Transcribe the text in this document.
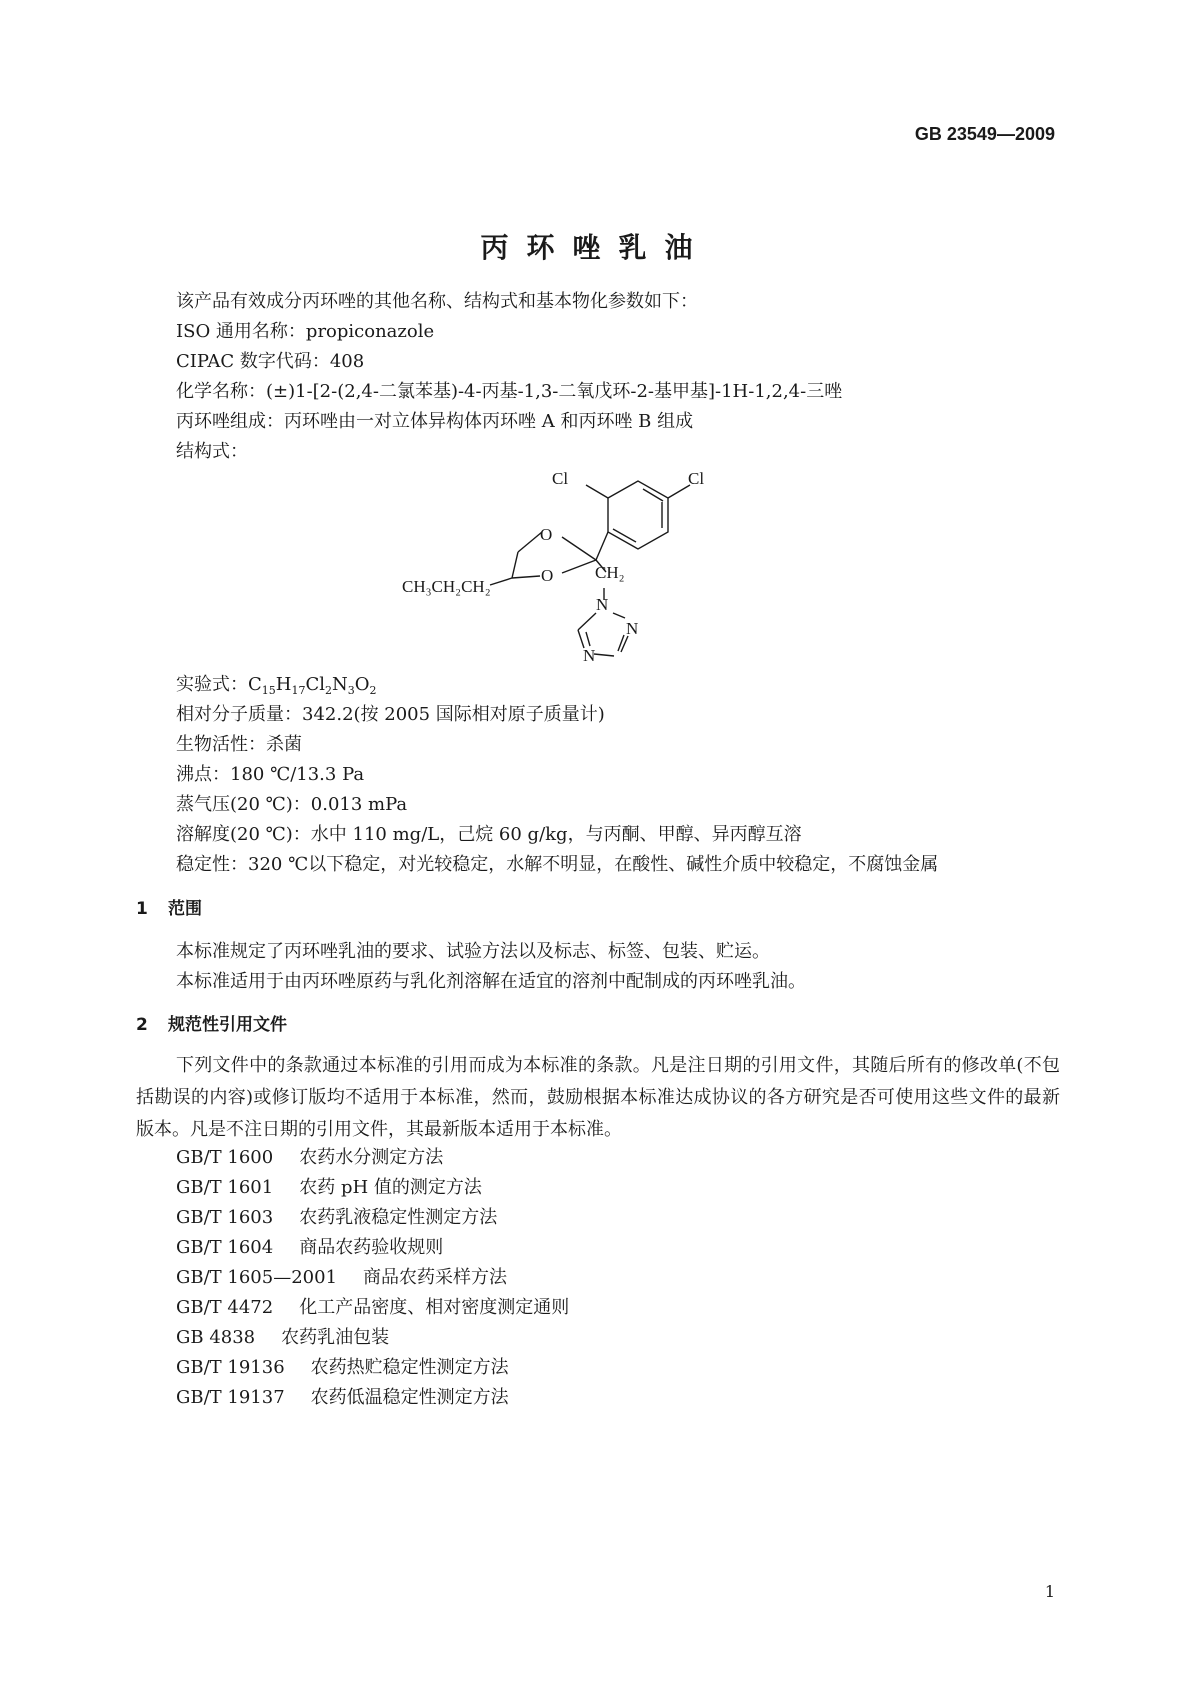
GB 23549—2009
丙环唑乳油
该产品有效成分丙环唑的其他名称、结构式和基本物化参数如下：
ISO 通用名称：propiconazole
CIPAC 数字代码：408
化学名称：(±)1-[2-(2,4-二氯苯基)-4-丙基-1,3-二氧戊环-2-基甲基]-1H-1,2,4-三唑
丙环唑组成：丙环唑由一对立体异构体丙环唑 A 和丙环唑 B 组成
结构式：
Cl	Cl
O
O
CH₃CH₂CH₂
CH₂
N
N
N
实验式：$C_{15}H_{17}Cl_2N_3O_2$
相对分子质量：342.2(按 2005 国际相对原子质量计)
生物活性：杀菌
沸点：180 ℃/13.3 Pa
蒸气压(20 ℃)：0.013 mPa
溶解度(20 ℃)：水中 110 mg/L，己烷 60 g/kg，与丙酮、甲醇、异丙醇互溶
稳定性：320 ℃以下稳定，对光较稳定，水解不明显，在酸性、碱性介质中较稳定，不腐蚀金属
1 范围
本标准规定了丙环唑乳油的要求、试验方法以及标志、标签、包装、贮运。
本标准适用于由丙环唑原药与乳化剂溶解在适宜的溶剂中配制成的丙环唑乳油。
2 规范性引用文件
下列文件中的条款通过本标准的引用而成为本标准的条款。凡是注日期的引用文件，其随后所有的修改单(不包括勘误的内容)或修订版均不适用于本标准，然而，鼓励根据本标准达成协议的各方研究是否可使用这些文件的最新版本。凡是不注日期的引用文件，其最新版本适用于本标准。
GB/T 1600 农药水分测定方法
GB/T 1601 农药 pH 值的测定方法
GB/T 1603 农药乳液稳定性测定方法
GB/T 1604 商品农药验收规则
GB/T 1605—2001 商品农药采样方法
GB/T 4472 化工产品密度、相对密度测定通则
GB 4838 农药乳油包装
GB/T 19136 农药热贮稳定性测定方法
GB/T 19137 农药低温稳定性测定方法
1
